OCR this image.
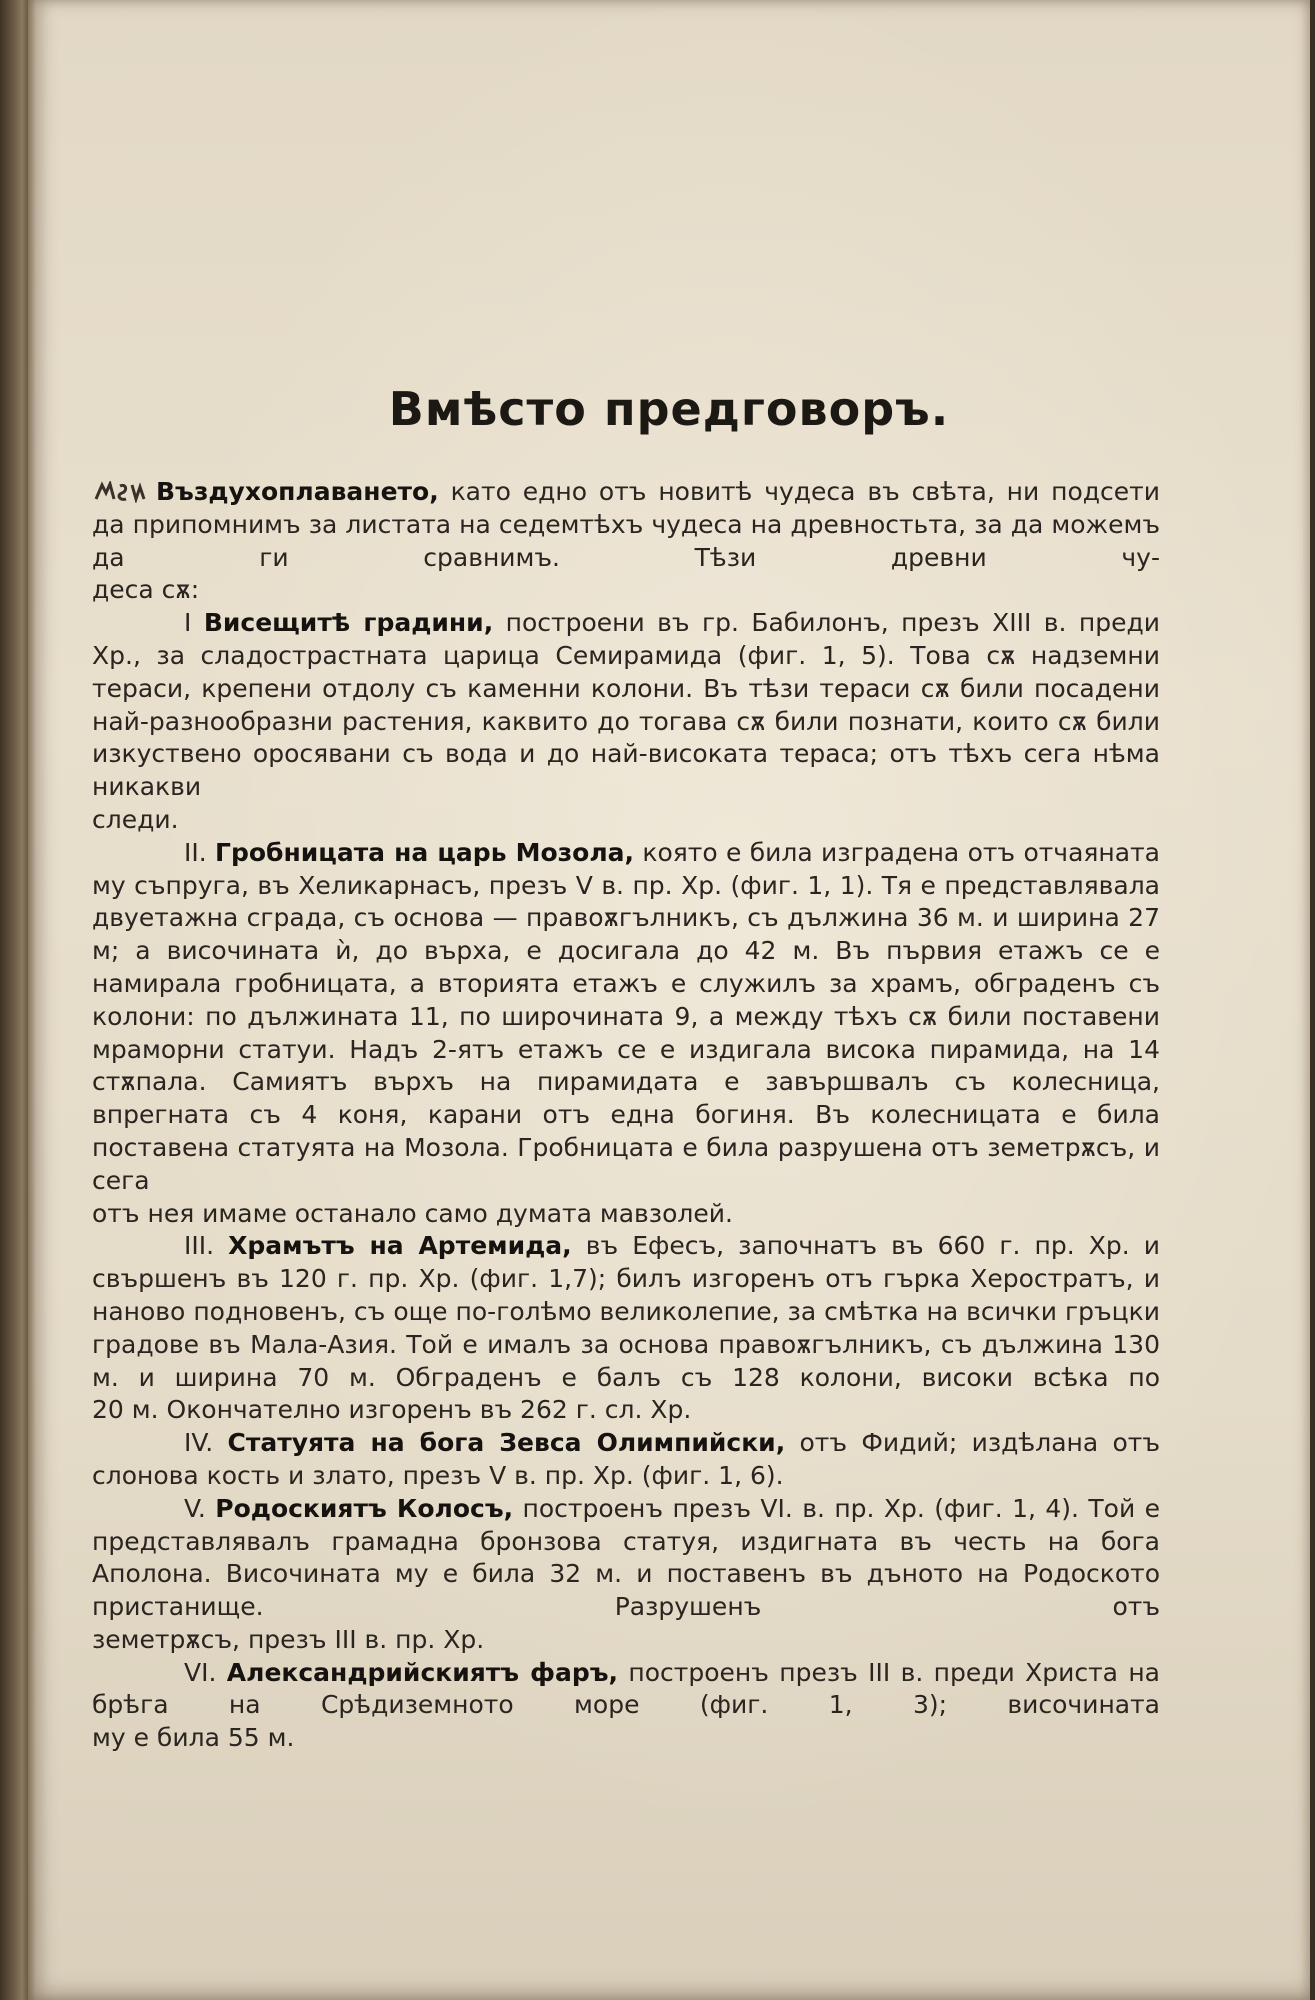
Вмѣсто предговоръ.

Въздухоплаването, като едно отъ новитѣ чудеса въ свѣта, ни подсети да припомнимъ за листата на седемтѣхъ чудеса на древностьта, за да можемъ да ги сравнимъ. Тѣзи древни чу-

деса сѫ:

I Висещитѣ градини, построени въ гр. Бабилонъ, презъ XIII в. преди Хр., за сладострастната царица Семирамида (фиг. 1, 5). Това сѫ надземни тераси, крепени отдолу съ каменни колони. Въ тѣзи тераси сѫ били посадени най-разнообразни растения, каквито до тогава сѫ били познати, които сѫ били изкуствено оросявани съ вода и до най-високата тераса; отъ тѣхъ сега нѣма никакви

следи.

II. Гробницата на царь Мозола, която е била изградена отъ отчаяната му съпруга, въ Хеликарнасъ, презъ V в. пр. Хр. (фиг. 1, 1). Тя е представлявала двуетажна сграда, съ основа — правоѫгълникъ, съ дължина 36 м. и ширина 27 м; а височината ѝ, до върха, е досигала до 42 м. Въ първия етажъ се е намирала гробницата, а вторията етажъ е служилъ за храмъ, обграденъ съ колони: по дължината 11, по широчината 9, а между тѣхъ сѫ били поставени мраморни статуи. Надъ 2-ятъ етажъ се е издигала висока пирамида, на 14 стѫпала. Самиятъ върхъ на пирамидата е завършвалъ съ колесница, впрегната съ 4 коня, карани отъ една богиня. Въ колесницата е била поставена статуята на Мозола. Гробницата е била разрушена отъ земетрѫсъ, и сега

отъ нея имаме останало само думата мавзолей.

III. Храмътъ на Артемида, въ Ефесъ, започнатъ въ 660 г. пр. Хр. и свършенъ въ 120 г. пр. Хр. (фиг. 1,7); билъ изгоренъ отъ гърка Херостратъ, и наново подновенъ, съ още по-голѣмо великолепие, за смѣтка на всички гръцки градове въ Мала-Азия. Той е ималъ за основа правоѫгълникъ, съ дължина 130 м. и ширина 70 м. Обграденъ е балъ съ 128 колони, високи всѣка по

20 м. Окончателно изгоренъ въ 262 г. сл. Хр.

IV. Статуята на бога Зевса Олимпийски, отъ Фидий; издѣлана отъ слонова кость и злато, презъ V в. пр. Хр. (фиг. 1, 6).

V. Родоскиятъ Колосъ, построенъ презъ VI. в. пр. Хр. (фиг. 1, 4). Той е представлявалъ грамадна бронзова статуя, издигната въ честь на бога Аполона. Височината му е била 32 м. и поставенъ въ дъното на Родоското пристанище. Разрушенъ отъ

земетрѫсъ, презъ III в. пр. Хр.

VI. Александрийскиятъ фаръ, построенъ презъ III в. преди Христа на брѣга на Срѣдиземното море (фиг. 1, 3); височината

му е била 55 м.
